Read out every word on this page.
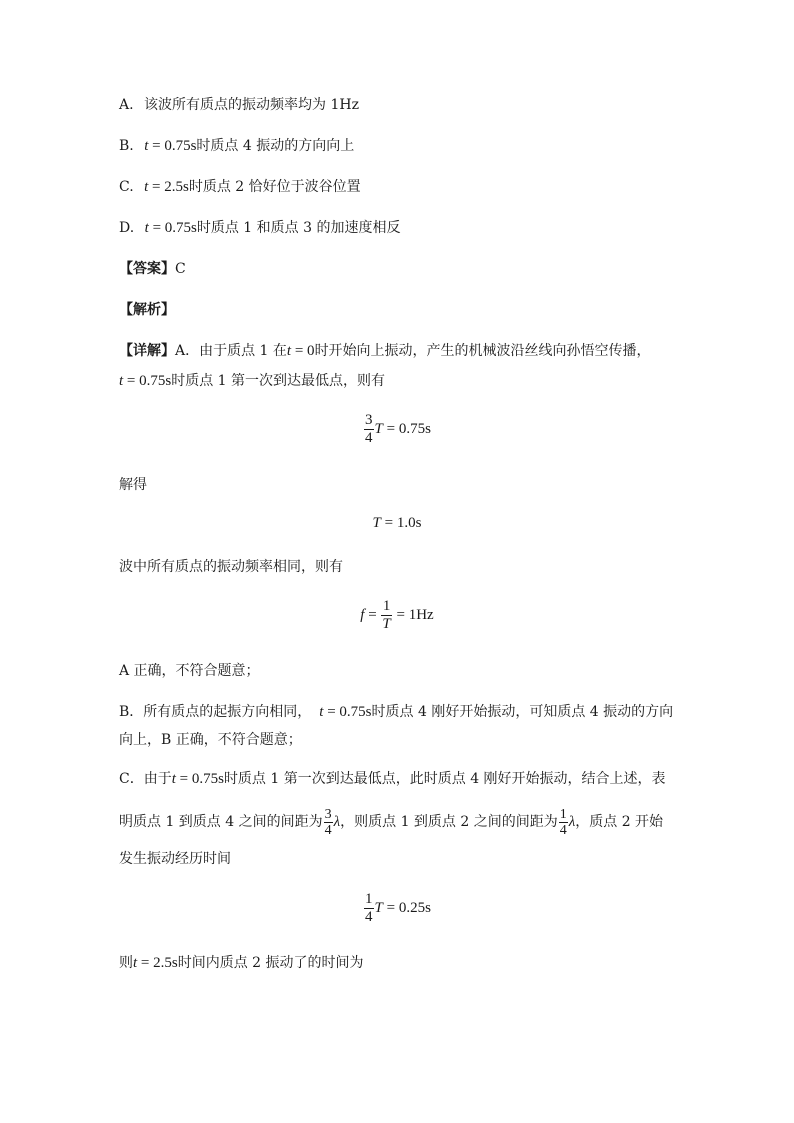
A. 该波所有质点的振动频率均为 1Hz
B. t = 0.75s时质点 4 振动的方向向上
C. t = 2.5s时质点 2 恰好位于波谷位置
D. t = 0.75s时质点 1 和质点 3 的加速度相反
【答案】C
【解析】
【详解】A．由于质点 1 在t = 0时开始向上振动，产生的机械波沿丝线向孙悟空传播，
t = 0.75s时质点 1 第一次到达最低点，则有
$\frac{3}{4}$ T = 0.75s
解得
T = 1.0s
波中所有质点的振动频率相同，则有
$f = \frac{1}{T} = 1Hz$
A 正确，不符合题意；
B．所有质点的起振方向相同， t = 0.75s时质点 4 刚好开始振动，可知质点 4 振动的方向
向上，B 正确，不符合题意；
C．由于t = 0.75s时质点 1 第一次到达最低点，此时质点 4 刚好开始振动，结合上述，表
明质点 1 到质点 4 之间的间距为 $\frac{3}{4}$ λ，则质点 1 到质点 2 之间的间距为 $\frac{1}{4}$ λ，质点 2 开始
发生振动经历时间
$\frac{1}{4}$ T = 0.25s
则t = 2.5s时间内质点 2 振动了的时间为
